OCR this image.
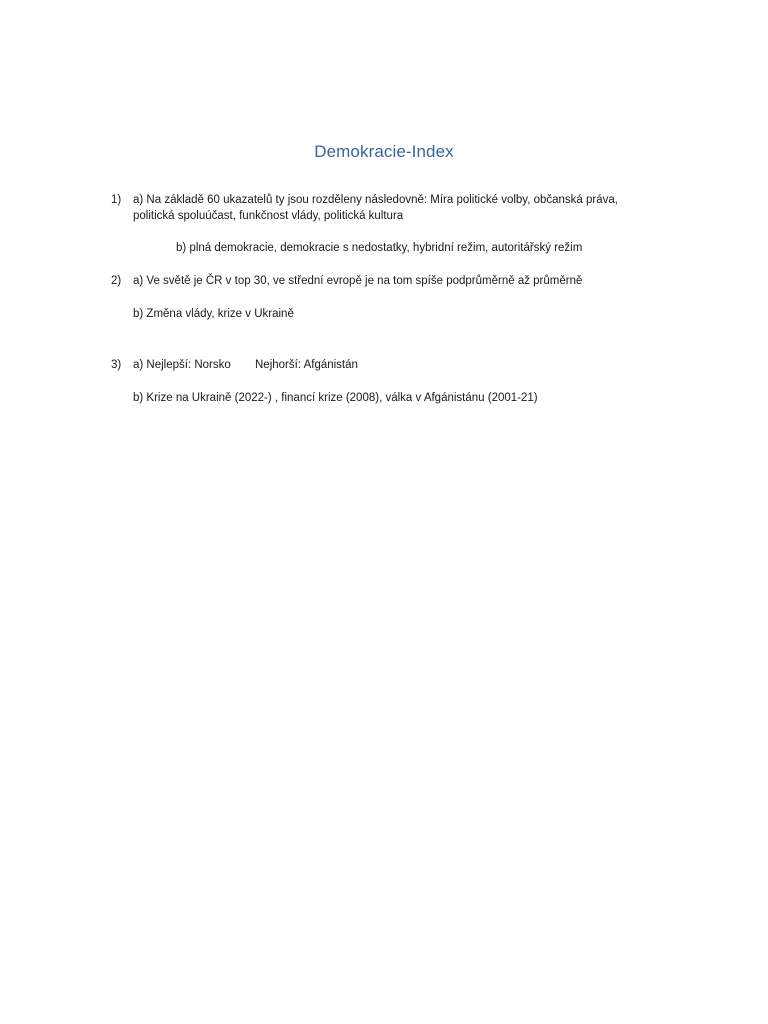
Demokracie-Index
1) a) Na základě 60 ukazatelů ty jsou rozděleny následovně: Míra politické volby, občanská práva,
politická spoluúčast, funkčnost vlády, politická kultura
b) plná demokracie, demokracie s nedostatky, hybridní režim, autoritářský režim
2) a) Ve světě je ČR v top 30, ve střední evropě je na tom spíše podprůměrně až průměrně
b) Změna vlády, krize v Ukraině
3) a) Nejlepší: Norsko Nejhorší: Afgánistán
b) Krize na Ukraině (2022-) , financí krize (2008), válka v Afgánistánu (2001-21)
